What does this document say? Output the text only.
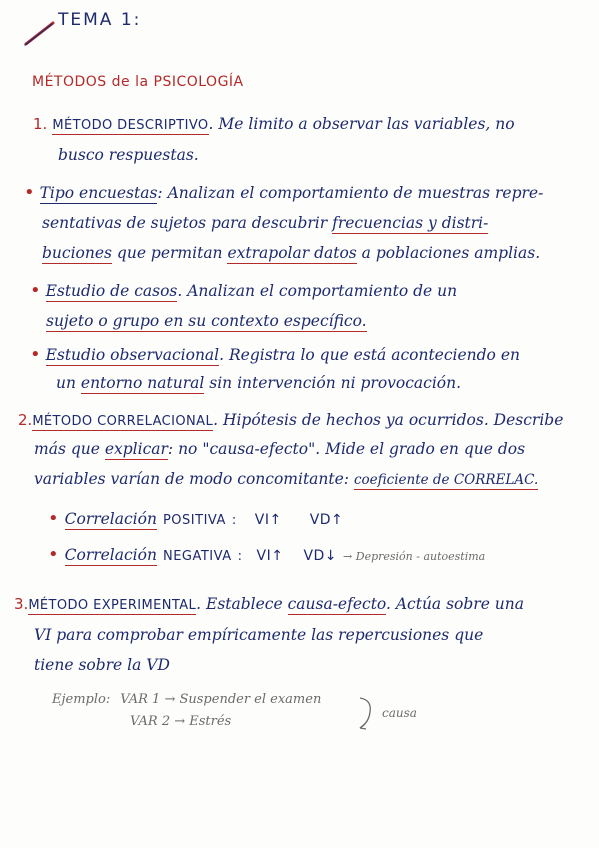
TEMA 1:
MÉTODOS de la PSICOLOGÍA
1. MÉTODO DESCRIPTIVO. Me limito a observar las variables, no
busco respuestas.
• Tipo encuestas: Analizan el comportamiento de muestras repre-
sentativas de sujetos para descubrir frecuencias y distri-
buciones que permitan extrapolar datos a poblaciones amplias.
• Estudio de casos. Analizan el comportamiento de un
sujeto o grupo en su contexto específico.
• Estudio observacional. Registra lo que está aconteciendo en
un entorno natural sin intervención ni provocación.
2.MÉTODO CORRELACIONAL. Hipótesis de hechos ya ocurridos. Describe
más que explicar: no "causa-efecto". Mide el grado en que dos
variables varían de modo concomitante: coeficiente de CORRELAC.
• Correlación POSITIVA : VI↑ VD↑
• Correlación NEGATIVA : VI↑ VD↓ → Depresión - autoestima
3.MÉTODO EXPERIMENTAL. Establece causa-efecto. Actúa sobre una
VI para comprobar empíricamente las repercusiones que
tiene sobre la VD
Ejemplo: VAR 1 → Suspender el examen
VAR 2 → Estrés
causa
